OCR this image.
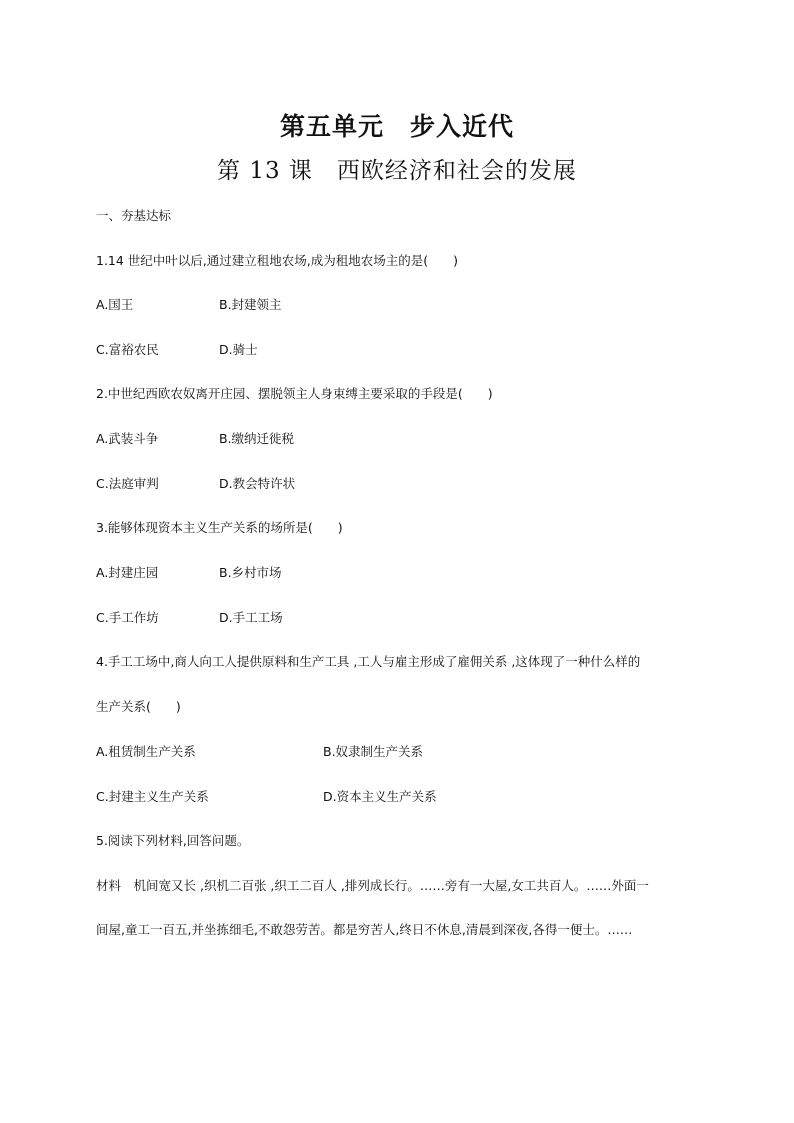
第五单元　步入近代
第 13 课　西欧经济和社会的发展
一、夯基达标
1.14 世纪中叶以后,通过建立租地农场,成为租地农场主的是(　　)
A.国王	B.封建领主
C.富裕农民	D.骑士
2.中世纪西欧农奴离开庄园、摆脱领主人身束缚主要采取的手段是(　　)
A.武装斗争	B.缴纳迁徙税
C.法庭审判	D.教会特许状
3.能够体现资本主义生产关系的场所是(　　)
A.封建庄园	B.乡村市场
C.手工作坊	D.手工工场
4.手工工场中,商人向工人提供原料和生产工具 ,工人与雇主形成了雇佣关系 ,这体现了一种什么样的
生产关系(　　)
A.租赁制生产关系	B.奴隶制生产关系
C.封建主义生产关系	D.资本主义生产关系
5.阅读下列材料,回答问题。
材料　机间宽又长 ,织机二百张 ,织工二百人 ,排列成长行。……旁有一大屋,女工共百人。……外面一
间屋,童工一百五,并坐拣细毛,不敢怨劳苦。都是穷苦人,终日不休息,清晨到深夜,各得一便士。……
